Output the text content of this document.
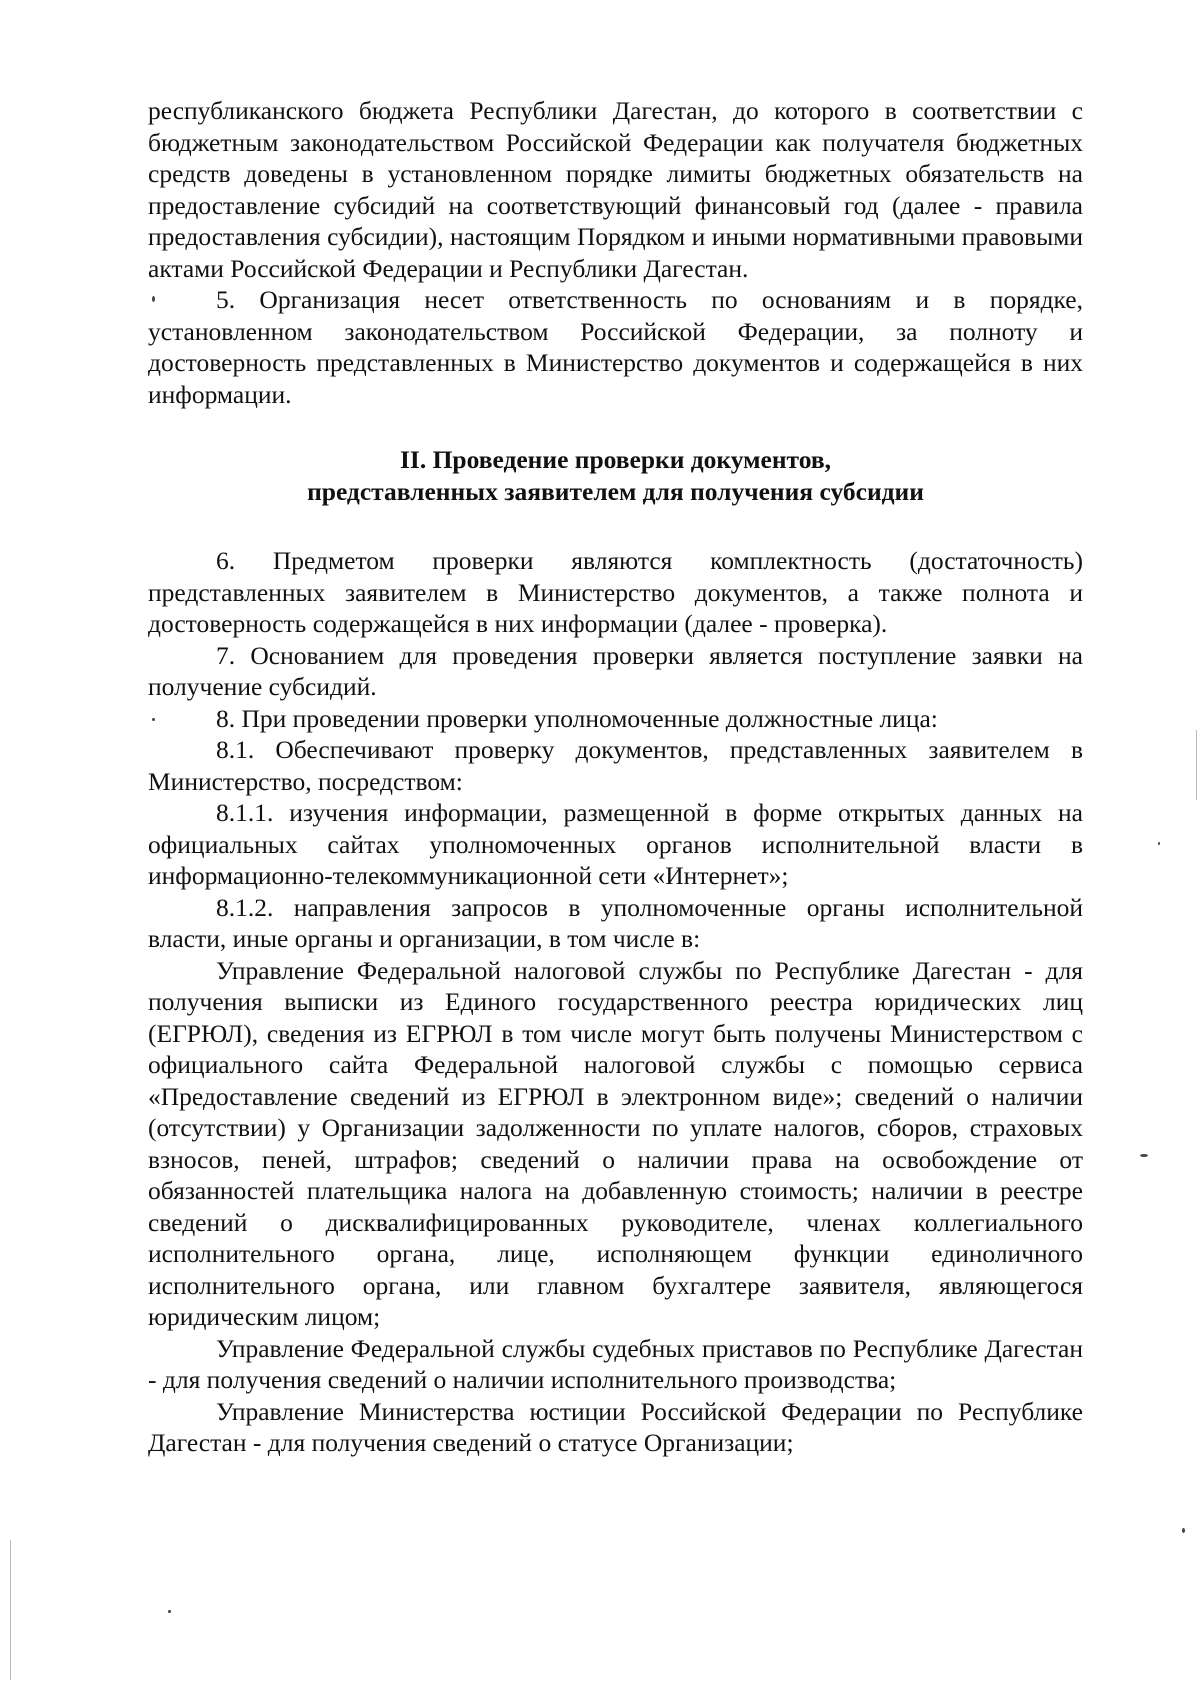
республиканского бюджета Республики Дагестан, до которого в соответствии с бюджетным законодательством Российской Федерации как получателя бюджетных средств доведены в установленном порядке лимиты бюджетных обязательств на предоставление субсидий на соответствующий финансовый год (далее - правила предоставления субсидии), настоящим Порядком и иными нормативными правовыми актами Российской Федерации и Республики Дагестан.

5. Организация несет ответственность по основаниям и в порядке, установленном законодательством Российской Федерации, за полноту и достоверность представленных в Министерство документов и содержащейся в них информации.

II. Проведение проверки документов,
представленных заявителем для получения субсидии

6. Предметом проверки являются комплектность (достаточность) представленных заявителем в Министерство документов, а также полнота и достоверность содержащейся в них информации (далее - проверка).

7. Основанием для проведения проверки является поступление заявки на получение субсидий.

8. При проведении проверки уполномоченные должностные лица:

8.1. Обеспечивают проверку документов, представленных заявителем в Министерство, посредством:

8.1.1. изучения информации, размещенной в форме открытых данных на официальных сайтах уполномоченных органов исполнительной власти в информационно-телекоммуникационной сети «Интернет»;

8.1.2. направления запросов в уполномоченные органы исполнительной власти, иные органы и организации, в том числе в:

Управление Федеральной налоговой службы по Республике Дагестан - для получения выписки из Единого государственного реестра юридических лиц (ЕГРЮЛ), сведения из ЕГРЮЛ в том числе могут быть получены Министерством с официального сайта Федеральной налоговой службы с помощью сервиса «Предоставление сведений из ЕГРЮЛ в электронном виде»; сведений о наличии (отсутствии) у Организации задолженности по уплате налогов, сборов, страховых взносов, пеней, штрафов; сведений о наличии права на освобождение от обязанностей плательщика налога на добавленную стоимость; наличии в реестре сведений о дисквалифицированных руководителе, членах коллегиального исполнительного органа, лице, исполняющем функции единоличного исполнительного органа, или главном бухгалтере заявителя, являющегося юридическим лицом;

Управление Федеральной службы судебных приставов по Республике Дагестан - для получения сведений о наличии исполнительного производства;

Управление Министерства юстиции Российской Федерации по Республике Дагестан - для получения сведений о статусе Организации;
